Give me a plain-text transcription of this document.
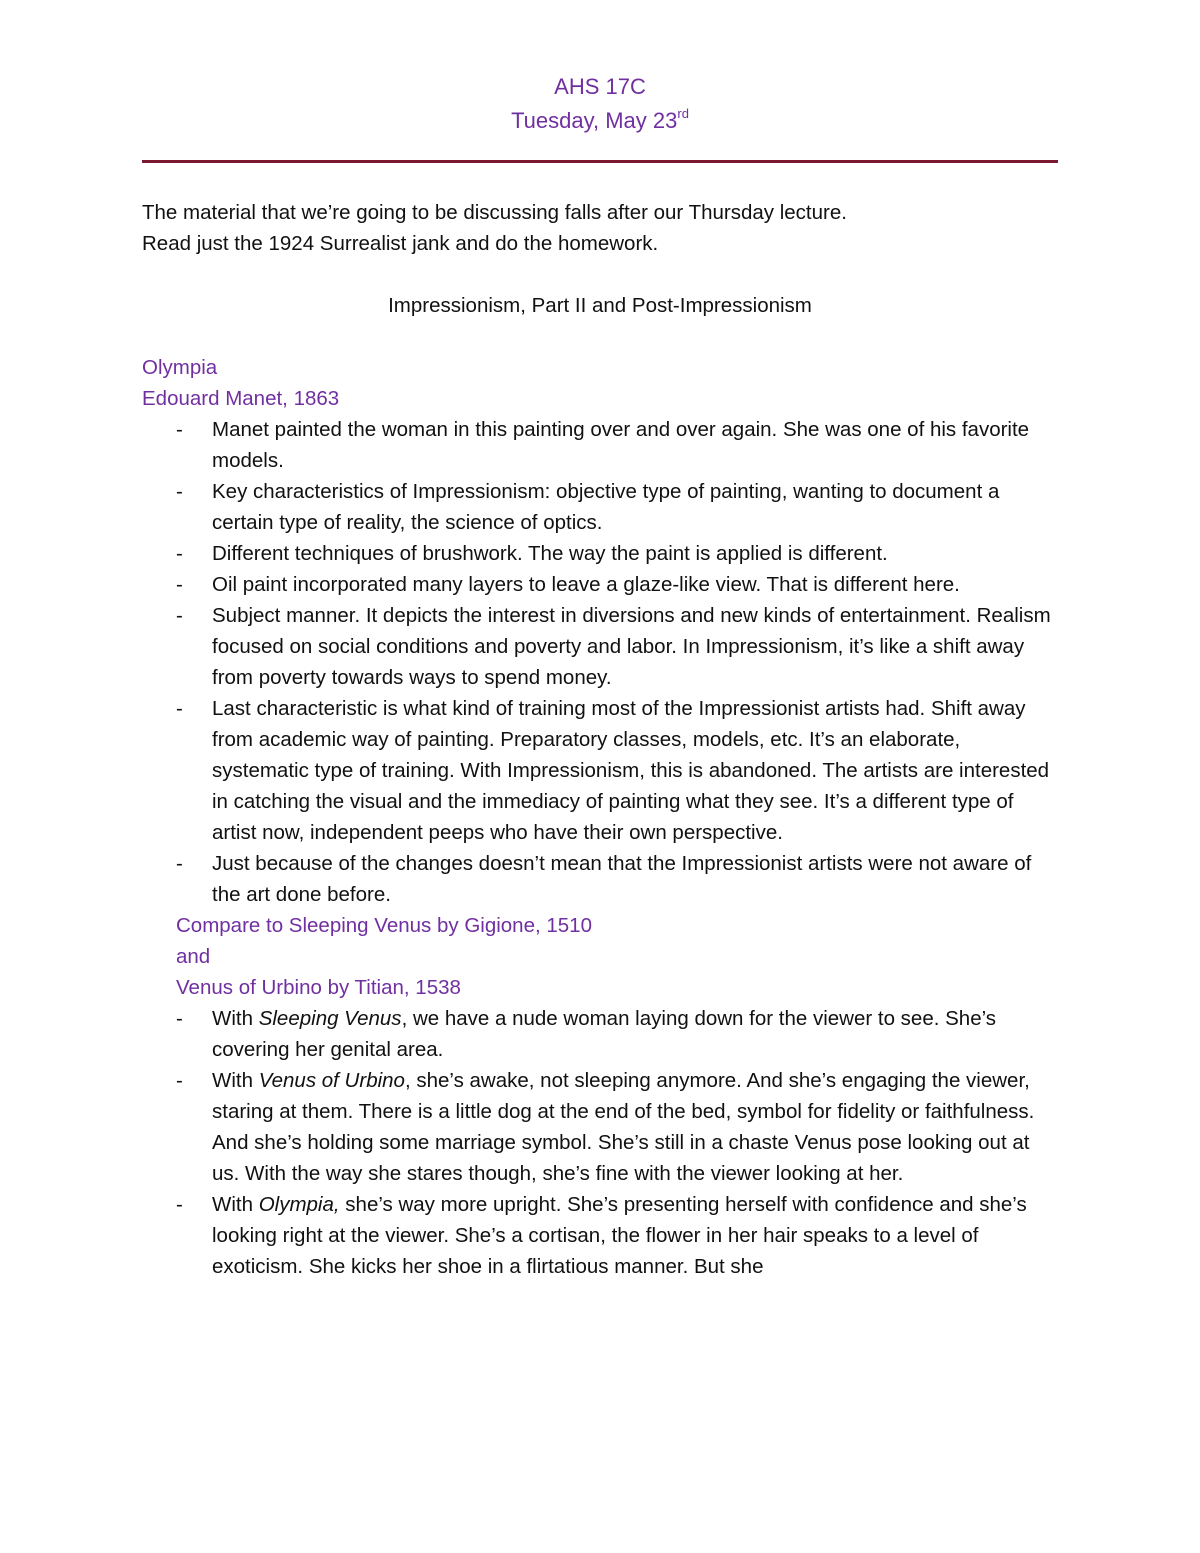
AHS 17C
Tuesday, May 23rd
The material that we’re going to be discussing falls after our Thursday lecture.
Read just the 1924 Surrealist jank and do the homework.
Impressionism, Part II and Post-Impressionism
Olympia
Edouard Manet, 1863
- Manet painted the woman in this painting over and over again. She was one of his favorite models.
- Key characteristics of Impressionism: objective type of painting, wanting to document a certain type of reality, the science of optics.
- Different techniques of brushwork. The way the paint is applied is different.
- Oil paint incorporated many layers to leave a glaze-like view. That is different here.
- Subject manner. It depicts the interest in diversions and new kinds of entertainment. Realism focused on social conditions and poverty and labor. In Impressionism, it’s like a shift away from poverty towards ways to spend money.
- Last characteristic is what kind of training most of the Impressionist artists had. Shift away from academic way of painting. Preparatory classes, models, etc. It’s an elaborate, systematic type of training. With Impressionism, this is abandoned. The artists are interested in catching the visual and the immediacy of painting what they see. It’s a different type of artist now, independent peeps who have their own perspective.
- Just because of the changes doesn’t mean that the Impressionist artists were not aware of the art done before.
Compare to Sleeping Venus by Gigione, 1510
and
Venus of Urbino by Titian, 1538
- With Sleeping Venus, we have a nude woman laying down for the viewer to see. She’s covering her genital area.
- With Venus of Urbino, she’s awake, not sleeping anymore. And she’s engaging the viewer, staring at them. There is a little dog at the end of the bed, symbol for fidelity or faithfulness. And she’s holding some marriage symbol. She’s still in a chaste Venus pose looking out at us. With the way she stares though, she’s fine with the viewer looking at her.
- With Olympia, she’s way more upright. She’s presenting herself with confidence and she’s looking right at the viewer. She’s a cortisan, the flower in her hair speaks to a level of exoticism. She kicks her shoe in a flirtatious manner. But she
